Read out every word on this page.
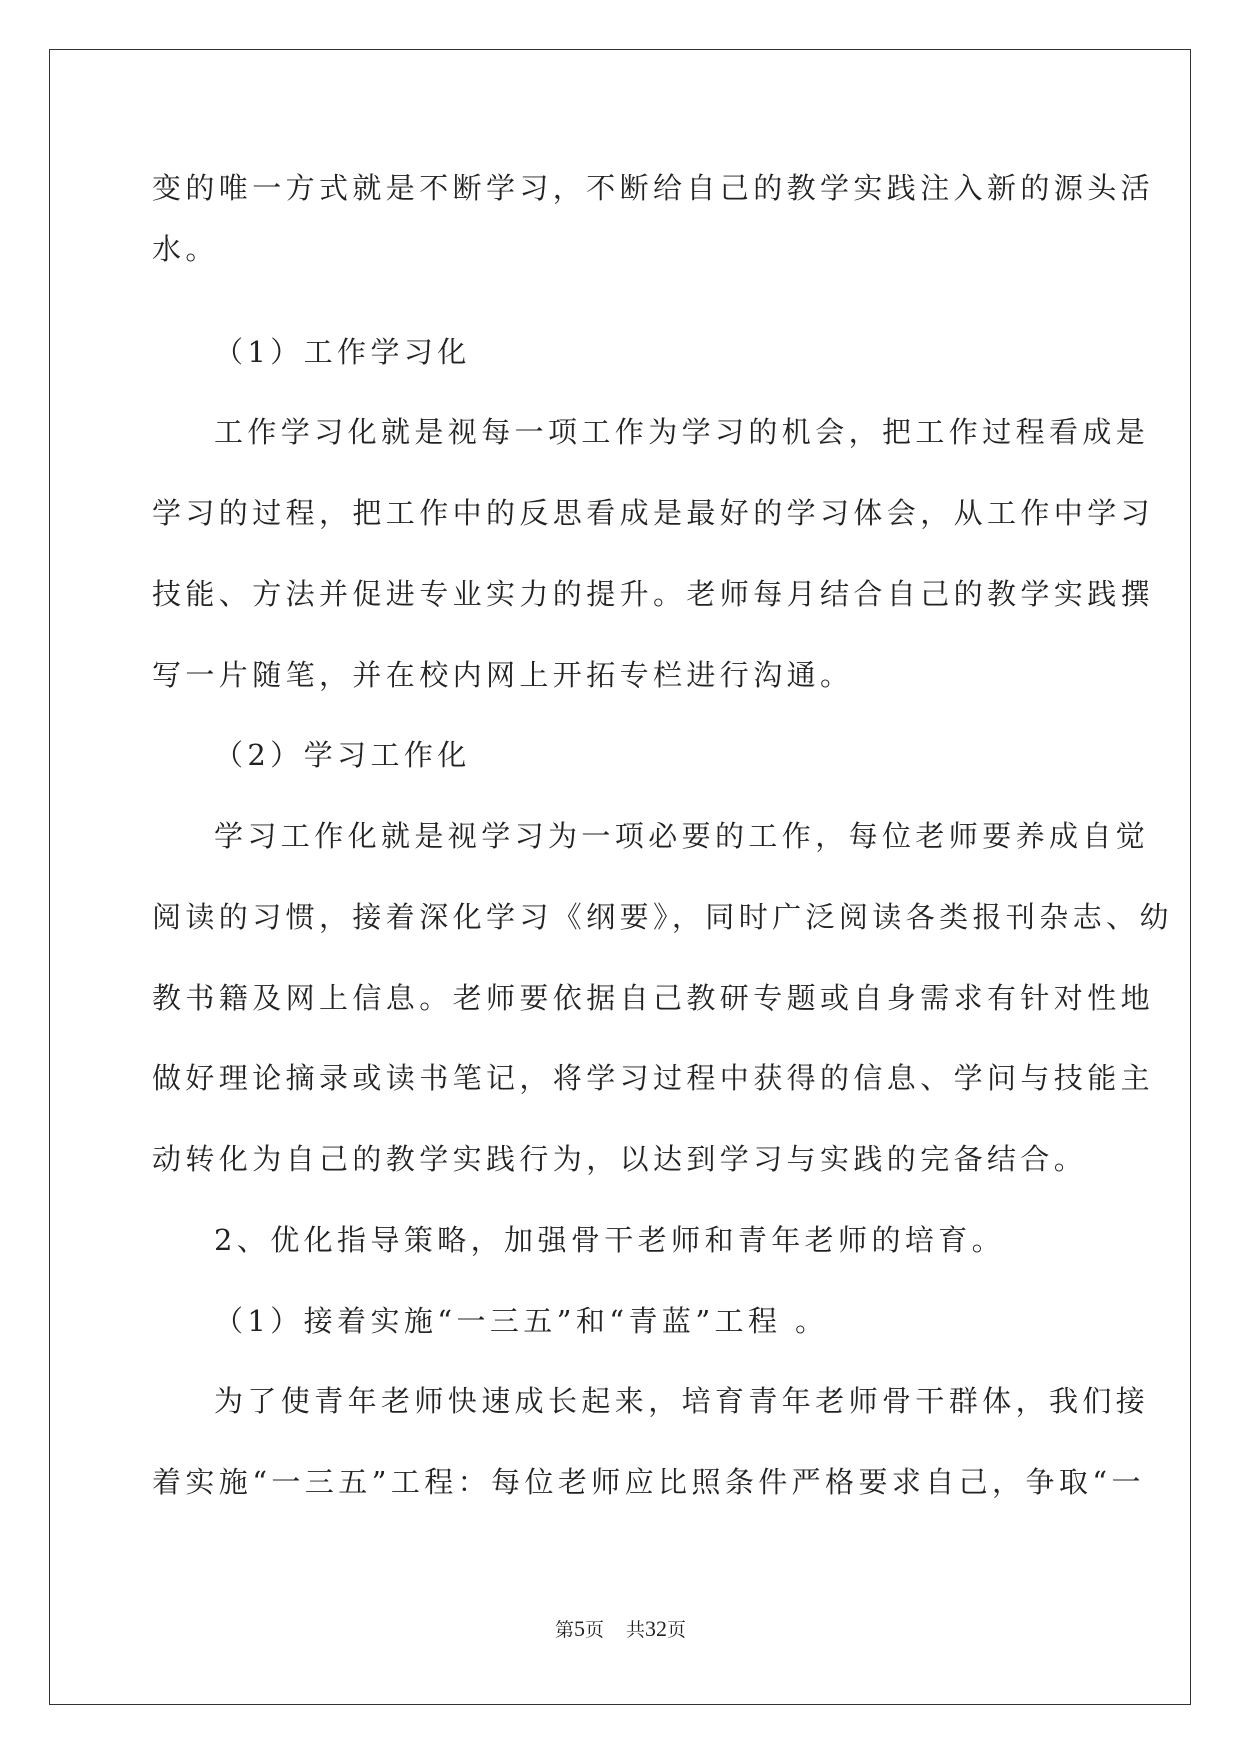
变的唯一方式就是不断学习，不断给自己的教学实践注入新的源头活
水。
（1）工作学习化
工作学习化就是视每一项工作为学习的机会，把工作过程看成是
学习的过程，把工作中的反思看成是最好的学习体会，从工作中学习
技能、方法并促进专业实力的提升。老师每月结合自己的教学实践撰
写一片随笔，并在校内网上开拓专栏进行沟通。
（2）学习工作化
学习工作化就是视学习为一项必要的工作，每位老师要养成自觉
阅读的习惯，接着深化学习《纲要》，同时广泛阅读各类报刊杂志、幼
教书籍及网上信息。老师要依据自己教研专题或自身需求有针对性地
做好理论摘录或读书笔记，将学习过程中获得的信息、学问与技能主
动转化为自己的教学实践行为，以达到学习与实践的完备结合。
2、优化指导策略，加强骨干老师和青年老师的培育。
（1）接着实施“一三五”和“青蓝”工程 。
为了使青年老师快速成长起来，培育青年老师骨干群体，我们接
着实施“一三五”工程：每位老师应比照条件严格要求自己，争取“一
第5页 共32页
